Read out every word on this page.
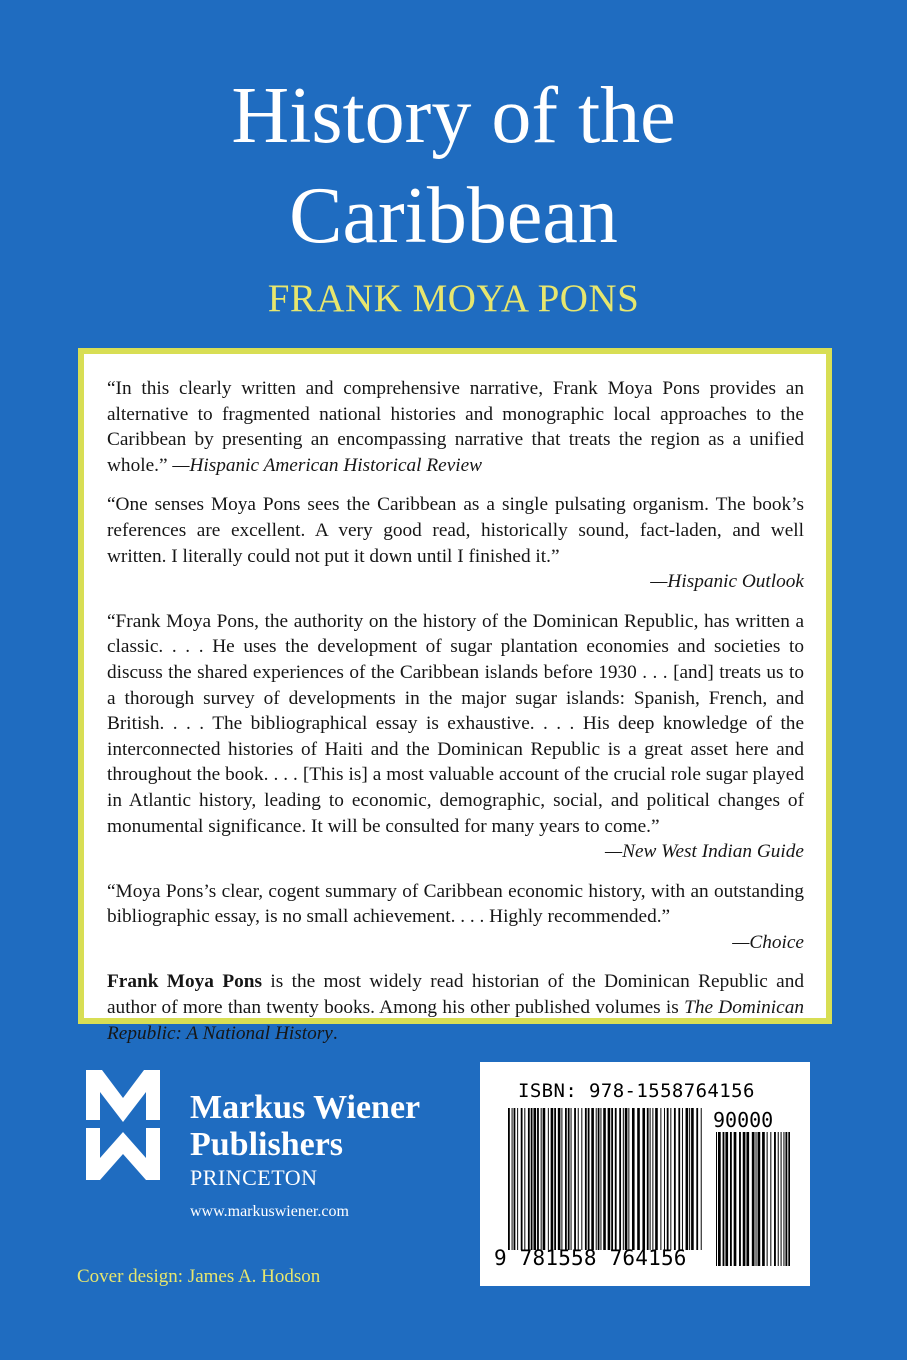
History of the
Caribbean
FRANK MOYA PONS

“In this clearly written and comprehensive narrative, Frank Moya Pons provides an alternative to fragmented national histories and monographic local approaches to the Caribbean by presenting an encompassing narrative that treats the region as a unified whole.” —Hispanic American Historical Review

“One senses Moya Pons sees the Caribbean as a single pulsating organism. The book’s references are excellent. A very good read, historically sound, fact-laden, and well written. I literally could not put it down until I finished it.”
—Hispanic Outlook

“Frank Moya Pons, the authority on the history of the Dominican Republic, has written a classic. . . . He uses the development of sugar plantation economies and societies to discuss the shared experiences of the Caribbean islands before 1930 . . . [and] treats us to a thorough survey of developments in the major sugar islands: Spanish, French, and British. . . . The bibliographical essay is exhaustive. . . . His deep knowledge of the interconnected histories of Haiti and the Dominican Republic is a great asset here and throughout the book. . . . [This is] a most valuable account of the crucial role sugar played in Atlantic history, leading to economic, demographic, social, and political changes of monumental significance. It will be consulted for many years to come.”
—New West Indian Guide

“Moya Pons’s clear, cogent summary of Caribbean economic history, with an outstanding bibliographic essay, is no small achievement. . . . Highly recommended.”
—Choice

Frank Moya Pons is the most widely read historian of the Dominican Republic and author of more than twenty books. Among his other published volumes is The Dominican Republic: A National History.

Markus Wiener
Publishers
PRINCETON
www.markuswiener.com
Cover design: James A. Hodson
ISBN: 978-1558764156
90000
9 781558 764156
